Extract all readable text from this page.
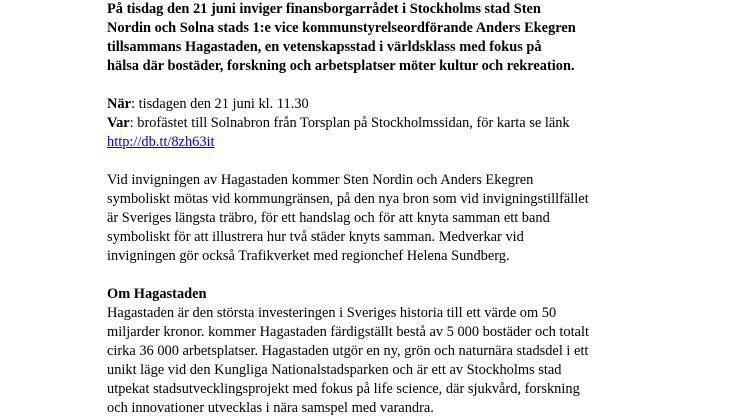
På tisdag den 21 juni inviger finansborgarrådet i Stockholms stad Sten
Nordin och Solna stads 1:e vice kommunstyrelseordförande Anders Ekegren
tillsammans Hagastaden, en vetenskapsstad i världsklass med fokus på
hälsa där bostäder, forskning och arbetsplatser möter kultur och rekreation.

När: tisdagen den 21 juni kl. 11.30
Var: brofästet till Solnabron från Torsplan på Stockholmssidan, för karta se länk
http://db.tt/8zh63it

Vid invigningen av Hagastaden kommer Sten Nordin och Anders Ekegren
symboliskt mötas vid kommungränsen, på den nya bron som vid invigningstillfället
är Sveriges längsta träbro, för ett handslag och för att knyta samman ett band
symboliskt för att illustrera hur två städer knyts samman. Medverkar vid
invigningen gör också Trafikverket med regionchef Helena Sundberg.

Om Hagastaden

Hagastaden är den största investeringen i Sveriges historia till ett värde om 50
miljarder kronor. kommer Hagastaden färdigställt bestå av 5 000 bostäder och totalt
cirka 36 000 arbetsplatser. Hagastaden utgör en ny, grön och naturnära stadsdel i ett
unikt läge vid den Kungliga Nationalstadsparken och är ett av Stockholms stad
utpekat stadsutvecklingsprojekt med fokus på life science, där sjukvård, forskning
och innovationer utvecklas i nära samspel med varandra.
